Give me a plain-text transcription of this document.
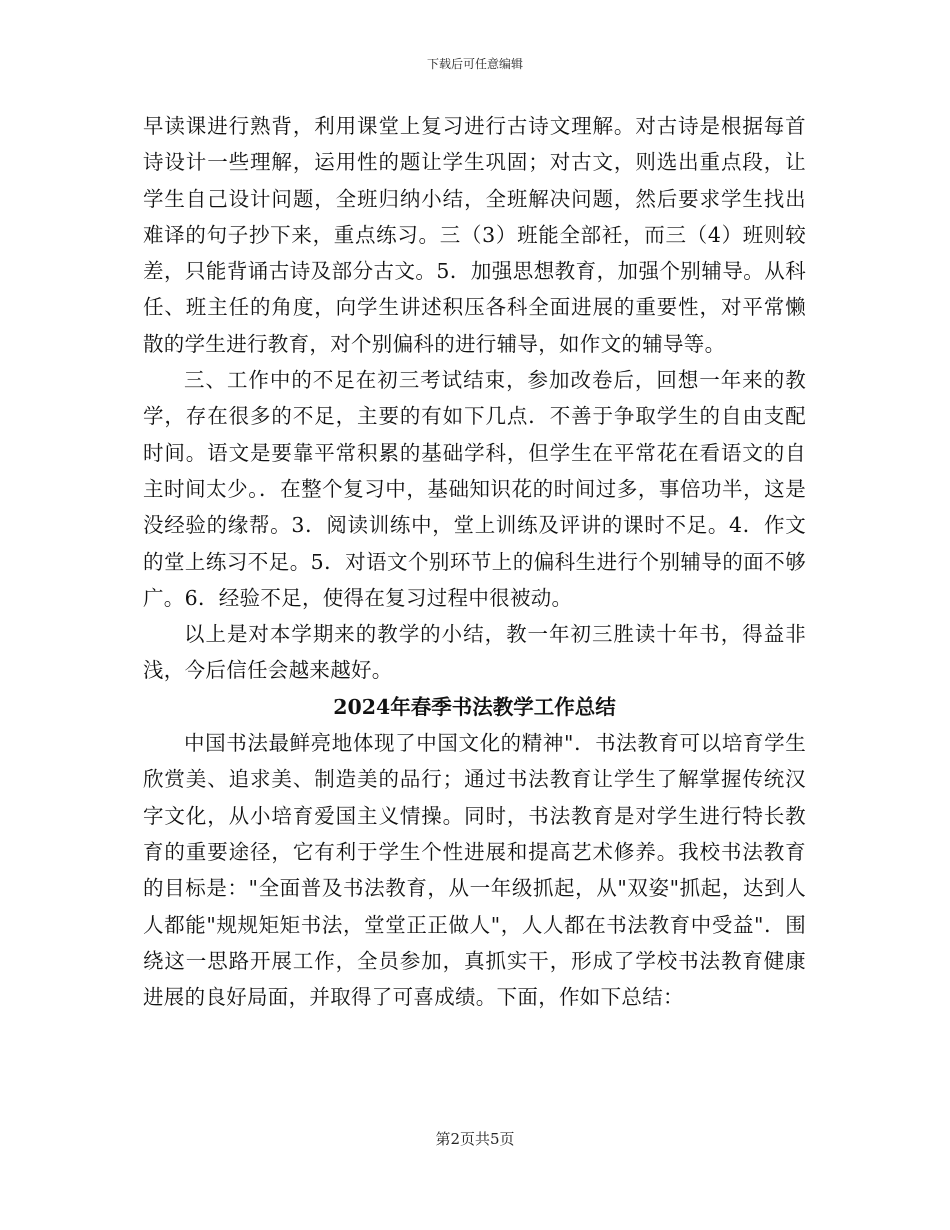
下载后可任意编辑

早读课进行熟背，利用课堂上复习进行古诗文理解。对古诗是根据每首诗设计一些理解，运用性的题让学生巩固；对古文，则选出重点段，让学生自己设计问题，全班归纳小结，全班解决问题，然后要求学生找出难译的句子抄下来，重点练习。三（3）班能全部衽，而三（4）班则较差，只能背诵古诗及部分古文。5．加强思想教育，加强个别辅导。从科任、班主任的角度，向学生讲述积压各科全面进展的重要性，对平常懒散的学生进行教育，对个别偏科的进行辅导，如作文的辅导等。

三、工作中的不足在初三考试结束，参加改卷后，回想一年来的教学，存在很多的不足，主要的有如下几点．不善于争取学生的自由支配时间。语文是要靠平常积累的基础学科，但学生在平常花在看语文的自主时间太少。．在整个复习中，基础知识花的时间过多，事倍功半，这是没经验的缘帮。3．阅读训练中，堂上训练及评讲的课时不足。4．作文的堂上练习不足。5．对语文个别环节上的偏科生进行个别辅导的面不够广。6．经验不足，使得在复习过程中很被动。

以上是对本学期来的教学的小结，教一年初三胜读十年书，得益非浅，今后信任会越来越好。

2024年春季书法教学工作总结

中国书法最鲜亮地体现了中国文化的精神"．书法教育可以培育学生欣赏美、追求美、制造美的品行；通过书法教育让学生了解掌握传统汉字文化，从小培育爱国主义情操。同时，书法教育是对学生进行特长教育的重要途径，它有利于学生个性进展和提高艺术修养。我校书法教育的目标是："全面普及书法教育，从一年级抓起，从"双姿"抓起，达到人人都能"规规矩矩书法，堂堂正正做人"，人人都在书法教育中受益"．围绕这一思路开展工作，全员参加，真抓实干，形成了学校书法教育健康进展的良好局面，并取得了可喜成绩。下面，作如下总结：

第2页共5页
